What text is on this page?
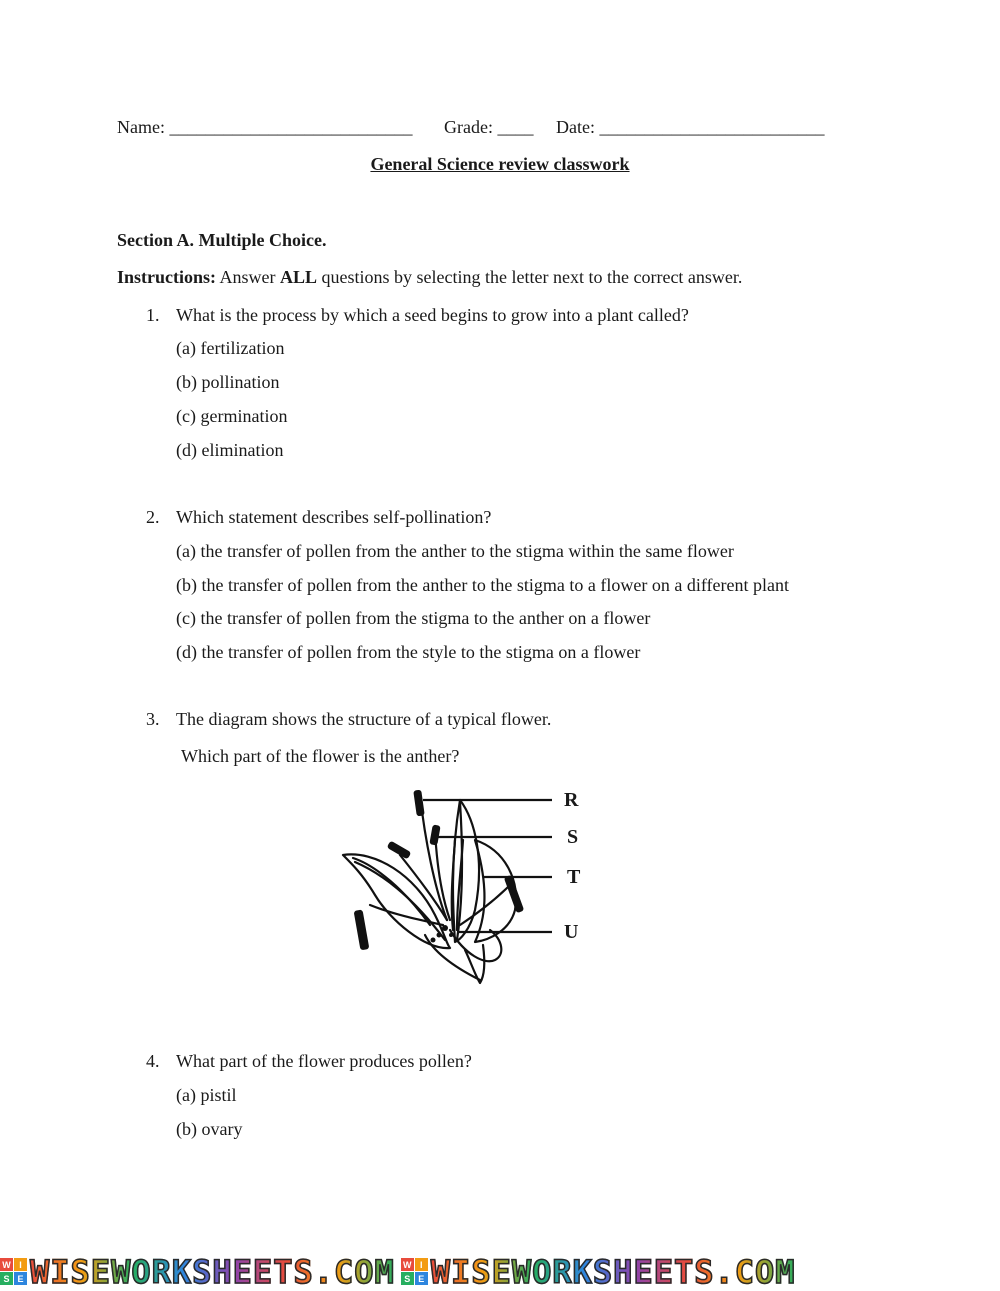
Name: ___________________________ Grade: ____ Date: _________________________
General Science review classwork
Section A. Multiple Choice.
Instructions: Answer ALL questions by selecting the letter next to the correct answer.
1. What is the process by which a seed begins to grow into a plant called?
(a) fertilization
(b) pollination
(c) germination
(d) elimination
2. Which statement describes self-pollination?
(a) the transfer of pollen from the anther to the stigma within the same flower
(b) the transfer of pollen from the anther to the stigma to a flower on a different plant
(c) the transfer of pollen from the stigma to the anther on a flower
(d) the transfer of pollen from the style to the stigma on a flower
3. The diagram shows the structure of a typical flower.
Which part of the flower is the anther?
R
S
T
U
4. What part of the flower produces pollen?
(a) pistil
(b) ovary
W I
S E WISEWORKSHEETS.COM W I
S E WISEWORKSHEETS.COM
